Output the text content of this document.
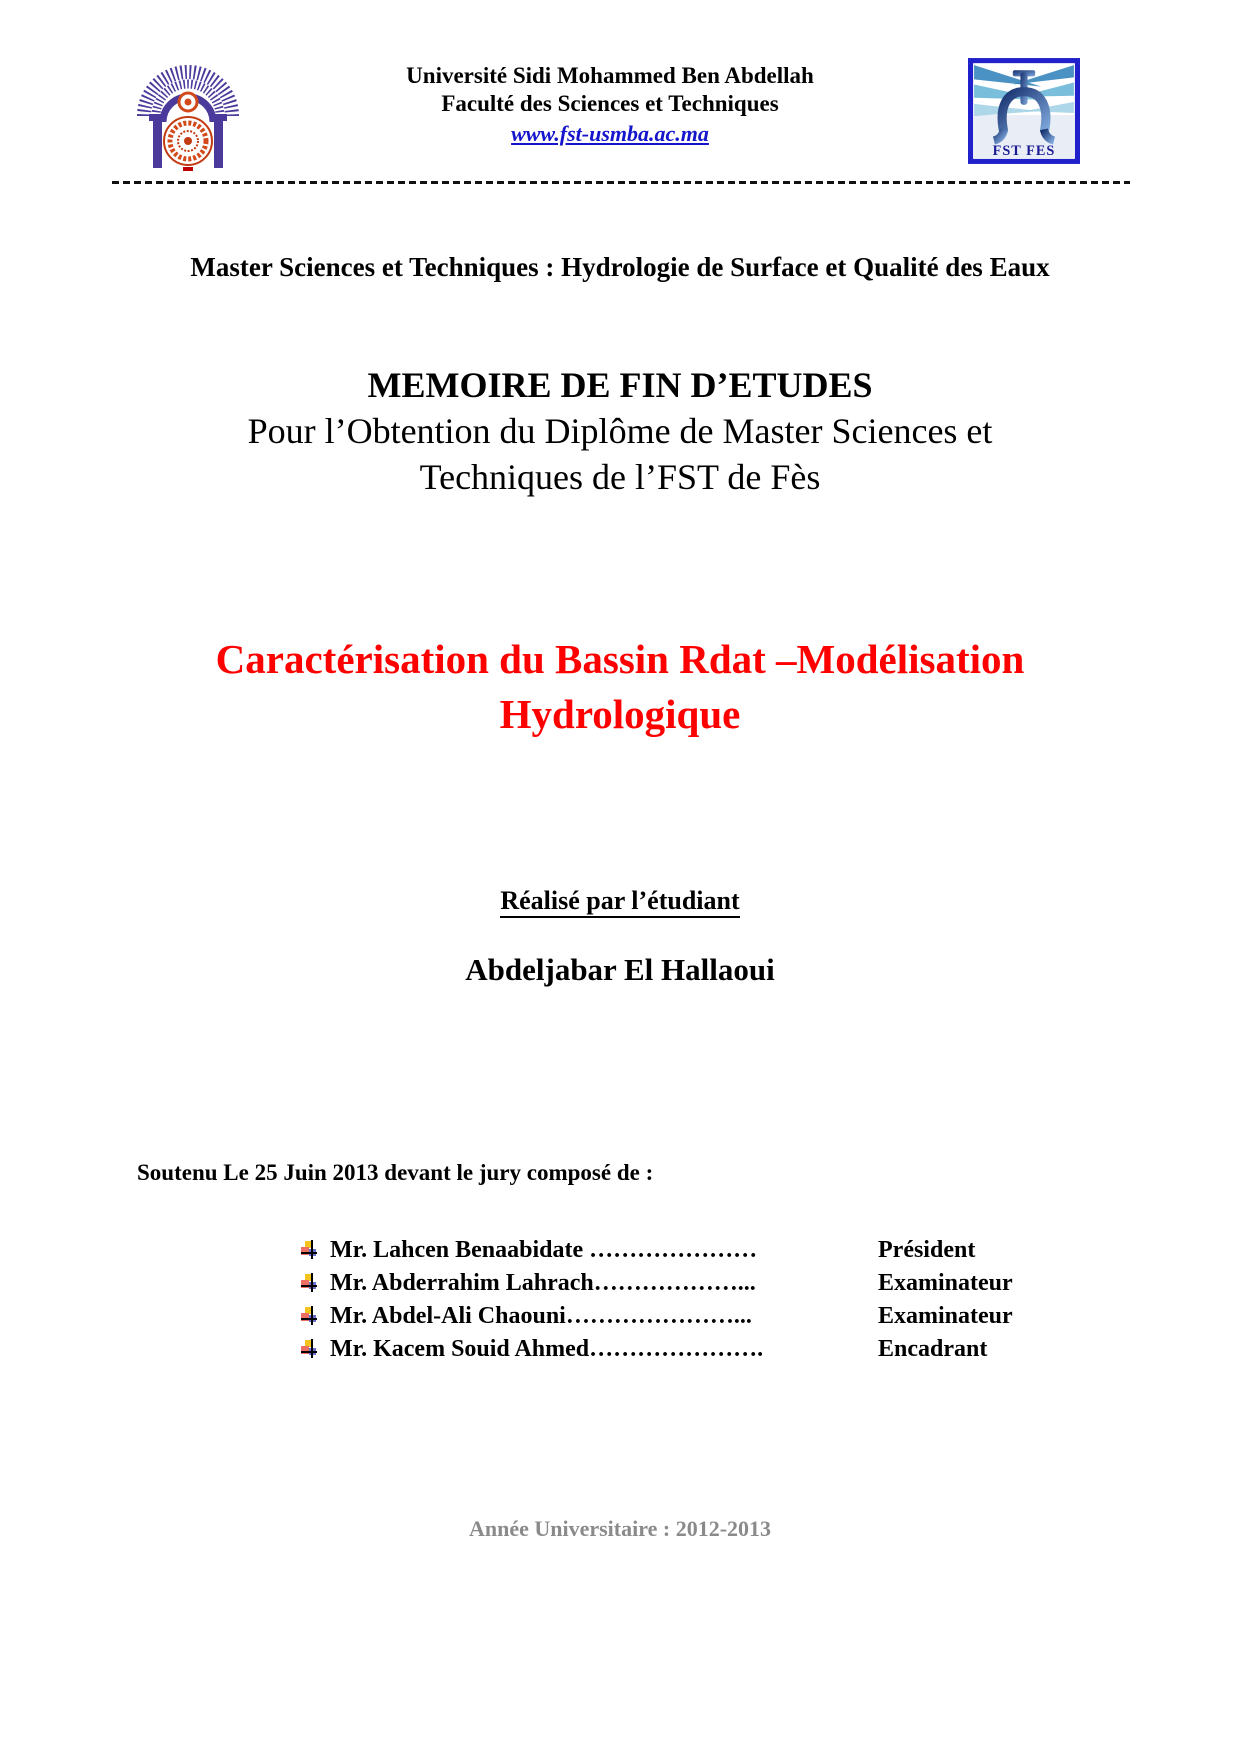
Université Sidi Mohammed Ben Abdellah
Faculté des Sciences et Techniques
www.fst-usmba.ac.ma
FST FES
Master Sciences et Techniques : Hydrologie de Surface et Qualité des Eaux
MEMOIRE DE FIN D’ETUDES
Pour l’Obtention du Diplôme de Master Sciences et
Techniques de l’FST de Fès
Caractérisation du Bassin Rdat –Modélisation
Hydrologique
Réalisé par l’étudiant
Abdeljabar El Hallaoui
Soutenu Le 25 Juin 2013 devant le jury composé de :
Mr. Lahcen Benaabidate …………………	Président
Mr. Abderrahim Lahrach………………...	Examinateur
Mr. Abdel-Ali Chaouni…………………...	Examinateur
Mr. Kacem Souid Ahmed………………….	Encadrant
Année Universitaire : 2012-2013
